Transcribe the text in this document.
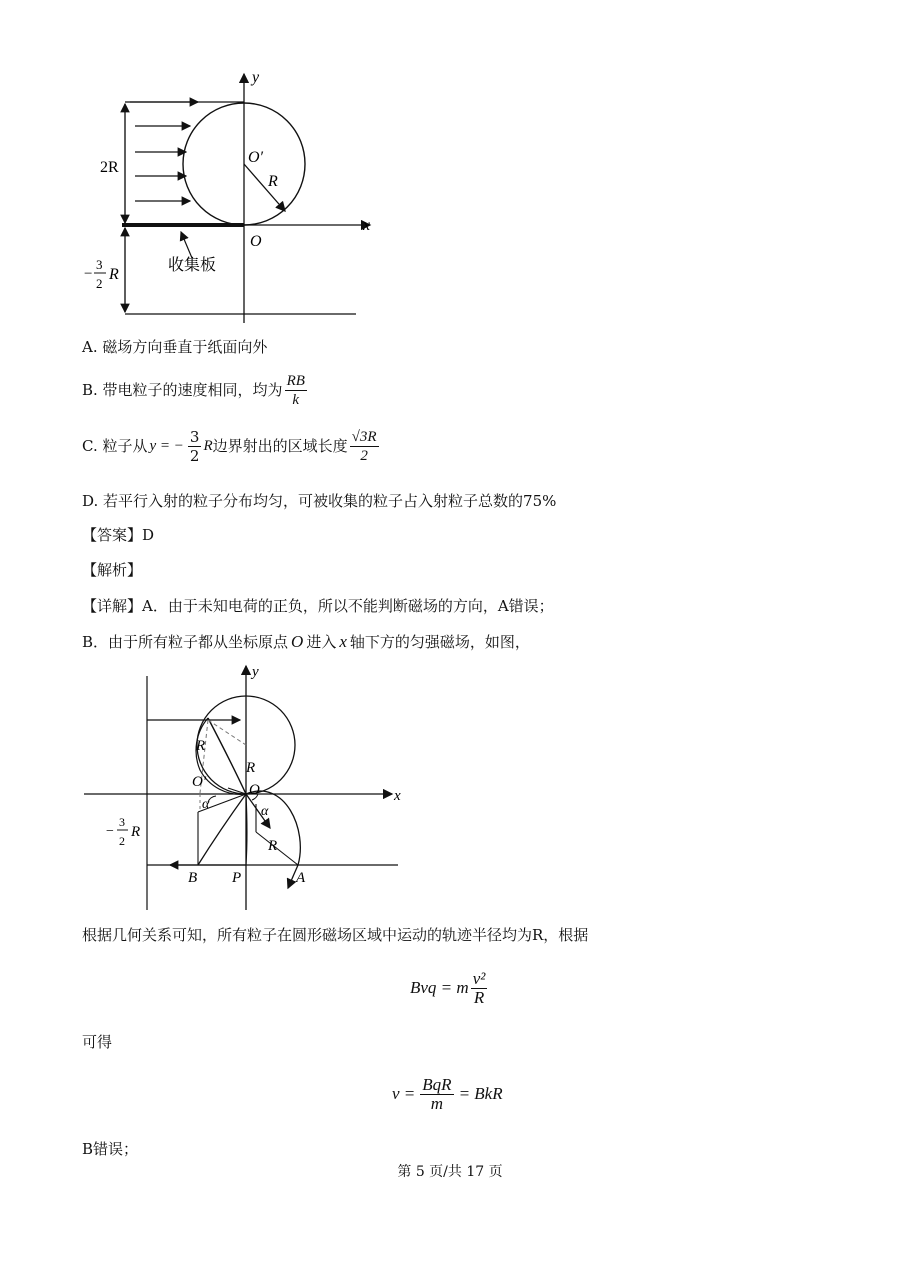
y
x
2R
O′
R
O
收集板
−
3
2
R
A. 磁场方向垂直于纸面向外
B. 带电粒子的速度相同，均为 $\frac{RB}{k}$
C. 粒子从 y = − $\frac{3}{2}$ R 边界射出的区域长度 $\frac{√3R}{2}$
D. 若平行入射的粒子分布均匀，可被收集的粒子占入射粒子总数的75%
【答案】D
【解析】
【详解】A．由于未知电荷的正负，所以不能判断磁场的方向，A错误；
B．由于所有粒子都从坐标原点 O 进入 x 轴下方的匀强磁场，如图，
y
x
R
R
R
O′	O
α	α
−
3
2
R
B P	A
根据几何关系可知，所有粒子在圆形磁场区域中运动的轨迹半径均为R，根据
Bvq = m $\frac{\text{v²}}{R}$
可得
$v = \frac{\text{BqR}}{m}$ = BkR
B错误；
第 5 页/共 17 页
